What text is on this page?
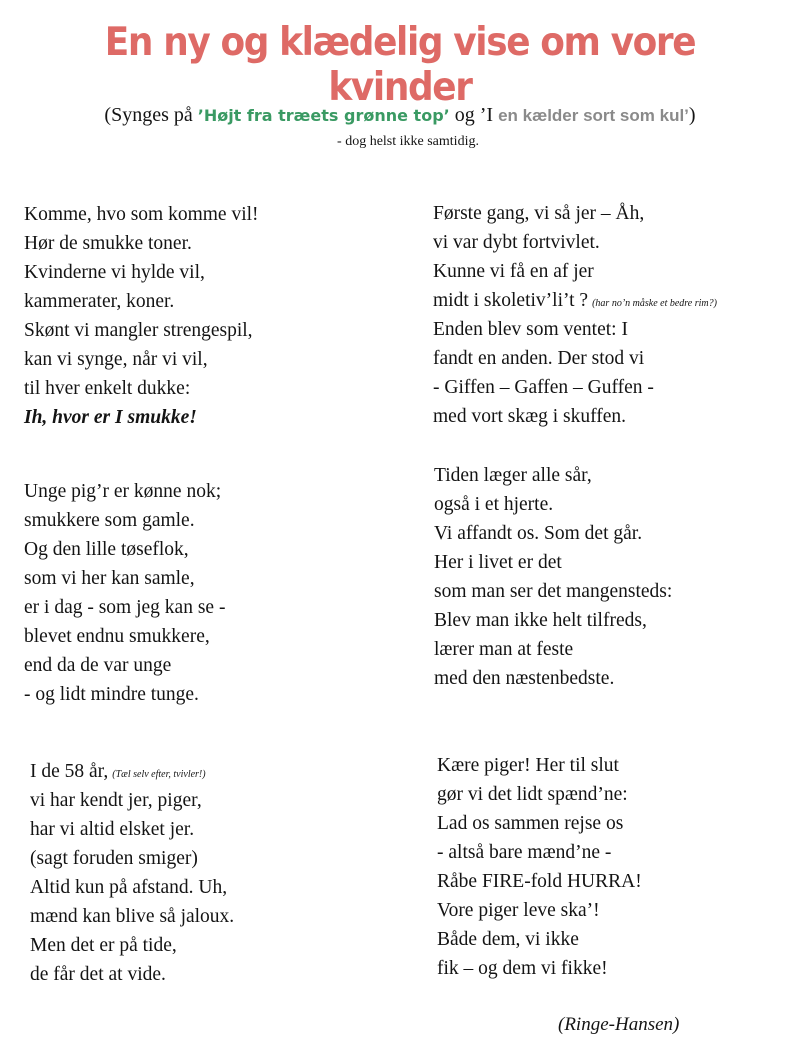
En ny og klædelig vise om vore kvinder
(Synges på ’Højt fra træets grønne top’ og ’I en kælder sort som kul’)
- dog helst ikke samtidig.
Komme, hvo som komme vil!
Hør de smukke toner.
Kvinderne vi hylde vil,
kammerater, koner.
Skønt vi mangler strengespil,
kan vi synge, når vi vil,
til hver enkelt dukke:
Ih, hvor er I smukke!
Unge pig’r er kønne nok;
smukkere som gamle.
Og den lille tøseflok,
som vi her kan samle,
er i dag - som jeg kan se -
blevet endnu smukkere,
end da de var unge
- og lidt mindre tunge.
I de 58 år, (Tæl selv efter, tvivler!)
vi har kendt jer, piger,
har vi altid elsket jer.
(sagt foruden smiger)
Altid kun på afstand. Uh,
mænd kan blive så jaloux.
Men det er på tide,
de får det at vide.
Første gang, vi så jer – Åh,
vi var dybt fortvivlet.
Kunne vi få en af jer
midt i skoletiv’li’t ? (har no’n måske et bedre rim?)
Enden blev som ventet: I
fandt en anden. Der stod vi
- Giffen – Gaffen – Guffen -
med vort skæg i skuffen.
Tiden læger alle sår,
også i et hjerte.
Vi affandt os. Som det går.
Her i livet er det
som man ser det mangensteds:
Blev man ikke helt tilfreds,
lærer man at feste
med den næstenbedste.
Kære piger! Her til slut
gør vi det lidt spænd’ne:
Lad os sammen rejse os
- altså bare mænd’ne -
Råbe FIRE-fold HURRA!
Vore piger leve ska’!
Både dem, vi ikke
fik – og dem vi fikke!
(Ringe-Hansen)
